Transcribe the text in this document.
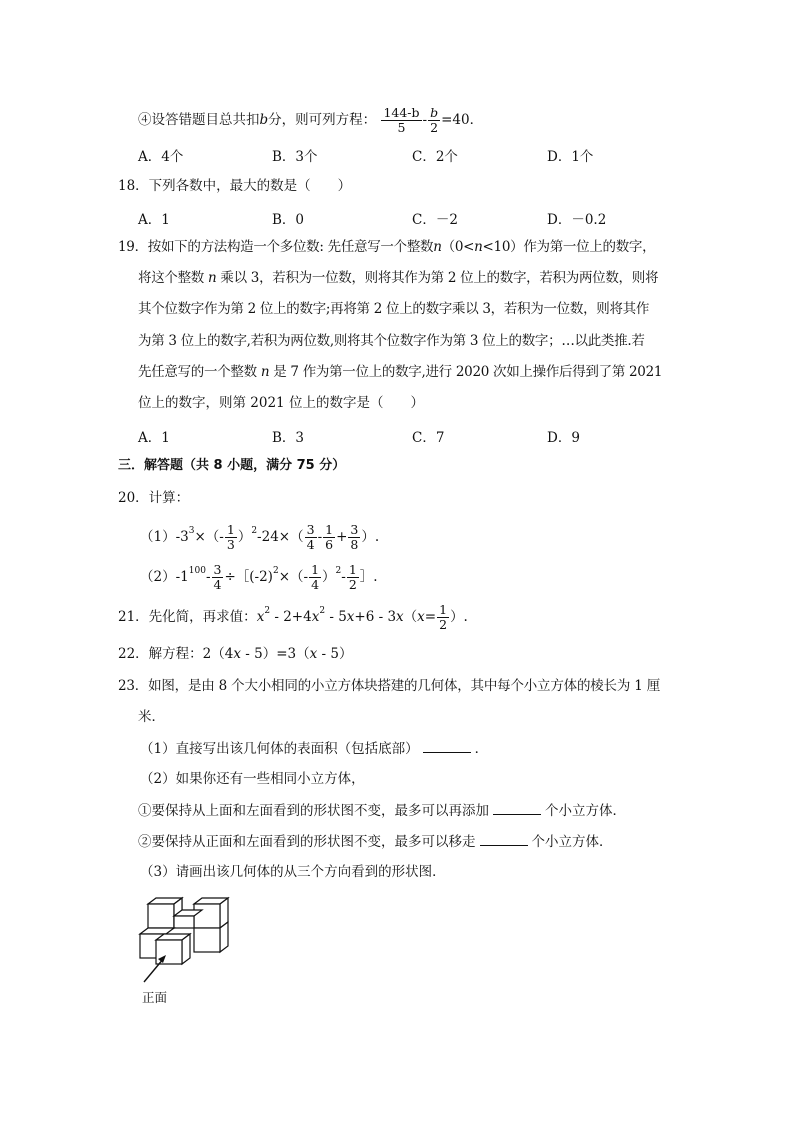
④设答错题目总共扣b分，则可列方程： $\frac{144-b}{5} - \frac{b}{2} =40$．
A．4个	B．3个	C．2个	D．1个
18．下列各数中，最大的数是（　　）
A．1	B．0	C．－2	D．－0.2
19．按如下的方法构造一个多位数: 先任意写一个整数n（0<n<10）作为第一位上的数字，
将这个整数 n 乘以 3，若积为一位数，则将其作为第 2 位上的数字，若积为两位数，则将
其个位数字作为第 2 位上的数字;再将第 2 位上的数字乘以 3，若积为一位数，则将其作
为第 3 位上的数字,若积为两位数,则将其个位数字作为第 3 位上的数字；…以此类推.若
先任意写的一个整数 n 是 7 作为第一位上的数字,进行 2020 次如上操作后得到了第 2021
位上的数字，则第 2021 位上的数字是（　　）
A．1	B．3	C．7	D．9
三．解答题（共 8 小题，满分 75 分）
20．计算：
$(1)-3^3\times(- \frac{1}{3} )^2-24\times( \frac{3}{4} - \frac{1}{6} + \frac{3}{8}$ ）.
$(2)-1^{100}- \frac{3}{4}$ $\div[(-2)^2\times(- \frac{1}{4} )^2- \frac{1}{2}$ ］.
21．先化简，再求值：$x^2 - 2+4x^2 - 5x+6 - 3x(x= \frac{1}{2}$ ）.
22．解方程：2（4x - 5）=3（x - 5）
23．如图，是由 8 个大小相同的小立方体块搭建的几何体，其中每个小立方体的棱长为 1 厘
米．
（1）直接写出该几何体的表面积（包括底部）	．
（2）如果你还有一些相同小立方体，
①要保持从上面和左面看到的形状图不变，最多可以再添加	个小立方体．
②要保持从正面和左面看到的形状图不变，最多可以移走	个小立方体．
（3）请画出该几何体的从三个方向看到的形状图．
正面
